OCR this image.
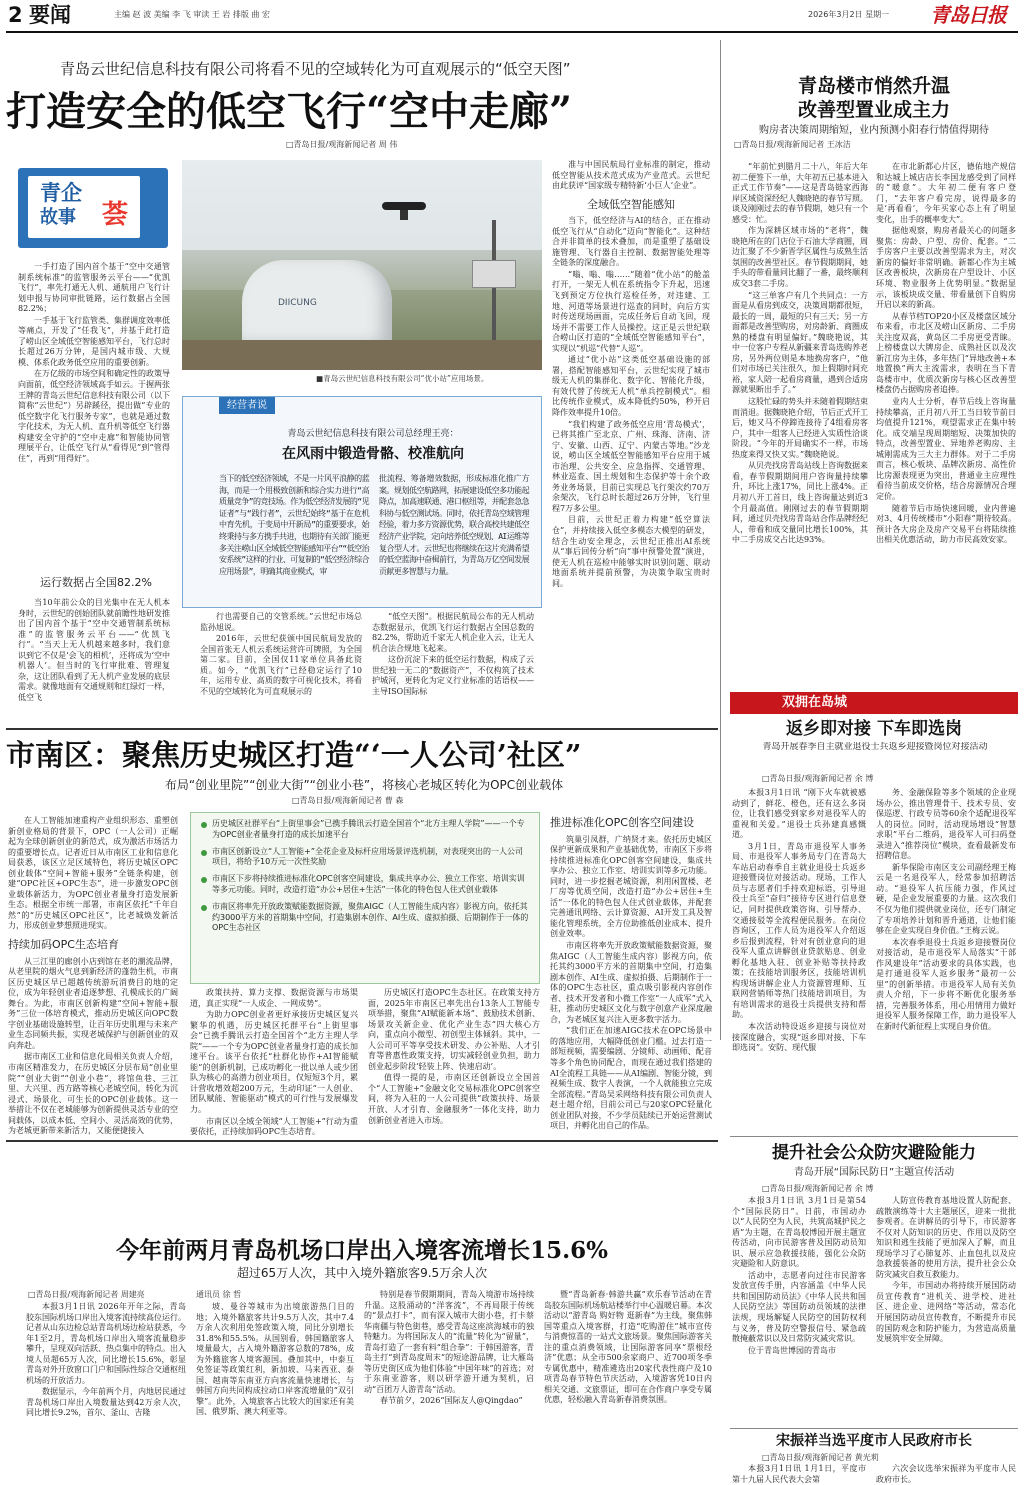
2 要闻	主编 赵 波 美编 李 飞 审读 王 岩 排版 曲 宏	2026年3月2日 星期一 青岛日报
青岛云世纪信息科技有限公司将看不见的空域转化为可直观展示的“低空天图”
打造安全的低空飞行“空中走廊”
□青岛日报/观海新闻记者 周 伟
青企
故事 荟
DIICUNG
■青岛云世纪信息科技有限公司“优小站”应用场景。

一手打造了国内首个基于“空中交通管制系统标准”的监管服务云平台——“优凯飞行”，率先打通无人机、通航用户飞行计划申报与协同审批链路，运行数据占全国82.2%；

一手基于飞行监管类、集群调度效率低等痛点，开发了“任我飞”，并基于此打造了崂山区全域低空智能感知平台，飞行总时长超过26万分钟，是国内城市级、大规模、体系化政务低空应用的重要创新。

在万亿级的市场空间和确定性的政策导向面前，低空经济领域高手如云。于握两张王牌的青岛云世纪信息科技有限公司（以下简称“云世纪”）另辟蹊径，提出做“专业的低空数字化飞行服务专家”，也就是通过数字化技术，为无人机、直升机等低空飞行器构建安全守护的“空中走廊”和智能协同管理展平台，让低空飞行从“看得见”到“管得住”，再到“用得好”。

运行数据占全国82.2%

当10年前公众的目光集中在无人机本身时，云世纪的创始团队就前瞻性地研发推出了国内首个基于“空中交通管制系统标准”的监管服务云平台——“优凯飞行”。“当天上无人机越来越多时，我们意识到它不仅是‘会飞的相机’，还将成为‘空中机器人’。但当时的飞行审批难、管理复杂，这让团队看到了无人机产业发展的底层需求。就像地面有交通规则和红绿灯一样，低空飞

经营者说
青岛云世纪信息科技有限公司总经理王亮：
在风雨中锻造骨骼、校准航向
当下的低空经济领域，不是一片风平浪静的蓝海，而是一个用极致创新和综合实力进行“高质量竞争”的竞技场。作为低空经济发展的“见证者”与“践行者”，云世纪始终“基于在危机中育先机，于变局中开新局”的重要要求，始终秉持与多方携手共进，也期待有关部门能更多关注崂山区全域低空智能感知平台”“低空治安系统”这样的行业、可复制的“低空经济综合应用场景”，明确其商业模式，审
批流程、筹备增效数据，形成标准化推广方案。规划低空航路网，拓展建设低空多功能起降点，加高速联通、港口枢纽等，并配套急急科协与低空测试场。同时，依托青岛空域管理经验，着力多方资源优势，联合高校共建低空经济产业学院，定向培养低空规划、AI运维等复合型人才。云世纪也将继续在这片充满希望的低空蓝海中奋楫前行，为青岛万亿空间发展贡献更多智慧与力量。

行也需要自己的交管系统。”云世纪市场总监孙旭说。

2016年，云世纪获颁中国民航局发放的全国首张无人机云系统运营许可牌照，为全国第二家。目前，全国仅11家单位具备此资质。如今，“优凯飞行”已经稳定运行了10年，运用专业、高质的数字可视化技术，将看不见的空域转化为可直观展示的

“低空天图”。根据民航局公布的无人机动态数据显示，优凯飞行运行数据占全国总数的82.2%，帮助近千家无人机企业入云，让无人机合法合规地飞起来。

这份沉淀下来的低空运行数据，构成了云世纪独一无二的“数据资产”，不仅构筑了技术护城河，更转化为定义行业标准的话语权——主导ISO国际标

准与中国民航局行业标准的制定，推动低空智能从技术范式成为产业范式。云世纪由此获评“国家级专精特新‘小巨人’企业”。

全域低空智能感知

当下，低空经济与AI的结合，正在推动低空飞行从“自动化”迈向“智能化”。这种结合并非简单的技术叠加，而是重塑了基础设施管理、飞行器自主控制、数据智能处理等全链条的深度融合。

“嗡、嗡、嗡……”随着“优小站”的舱盖打开，一架无人机在系统指令下升起，迅速飞到预定方位执行巡检任务，对违建、工地、河道等场景进行巡查的同时，向后方实时传送现场画面，完成任务后自动飞回，现场并不需要工作人员操控。这正是云世纪联合崂山区打造的“全域低空智能感知平台”，实现以“机巡”代替“人巡”。

通过“优小站”这类低空基础设施的部署，搭配智能感知平台，云世纪实现了城市级无人机的集群化、数字化、智能化升级，有效代替了传统无人机“单兵控制模式”。相比传统作业模式，成本降低约50%，秒开启降作效率提升10倍。

“我们构建了政务低空应用‘青岛模式’，已将其推广至北京、广州、珠海、济南、济宁、安徽、山西、辽宁、内蒙古等地。”沙龙说，崂山区全域低空智能感知平台应用于城市治理、公共安全、应急指挥、交通管理、林业巡查、国土规划和生态保护等十余个政务业务场景，目前已实现总飞行架次约70万余架次，飞行总时长超过26万分钟，飞行里程7万多公里。

目前，云世纪正着力构建“低空算法仓”，并持续接入低空多模态大模型的研发，结合生动安全理念，云世纪正推出AI系统从“事后回传分析”向“事中预警处置”演进，使无人机在巡检中能够实时识别问题、联动地面系统并提前预警，为决策争取宝贵时间。

青岛楼市悄然升温
改善型置业成主力
购房者决策周期缩短，业内预测小阳春行情值得期待
□青岛日报/观海新闻记者 王冰洁

“年前忙到腊月二十八，年后大年初二便签下一单，大年初五已基本进入正式工作节奏”——这是青岛链家西海岸区域资深经纪人魏晓艳的春节写照。谈及刚刚过去的春节假期，她只有一个感受：忙。

作为深耕区域市场的“老将”，魏晓艳所在的门店位于石油大学商圈，周边汇聚了不少新晋学区属性与成熟生活氛围的改善型社区。春节假期期间，她手头的带看量同比翻了一番，最终顺利成交3套二手房。

“这三单客户有几个共同点：一方面是从看房到成交，决策周期都很短，最长的一周，最短的只有三天；另一方面都是改善型购房，对房龄新、商圈成熟的楼盘有明显偏好。”魏晓艳说，其中一位客户专程从新疆来青岛选购养老房，另外两位则是本地换房客户，“他们对市场已关注很久，加上假期时间充裕，家人陪一起看房商量，遇到合适房源就果断出手了。”

这股忙碌的势头并未随着假期结束而消退。据魏晓艳介绍，节后正式开工后，她又马不停蹄连接待了4组看房客户，其中一组客人已经进入实质性洽谈阶段。“今年的开局确实不一样，市场热度来得又快又实。”魏晓艳说。

从贝壳找房青岛站线上咨询数据来看，春节假期期间用户咨询量持续攀升，环比上涨17%，同比上涨4%。正月初八开工首日，线上咨询量达到近3个月最高值。刚刚过去的春节假期期间，通过贝壳找房青岛站合作品牌经纪人，带看和成交量同比增长100%，其中二手房成交占比达93%。

在市北新都心片区，德佑地产规信和达城上城店店长李国龙感受到了同样的“暖意”。大年初二便有客户登门，“去年客户看完房，说得最多的是‘再看看’，今年买家心态上有了明显变化，出手的概率变大”。

据他观察，购房者最关心的问题多聚焦：房龄、户型、房价、配套。“二手房客户主要以改善型需求为主，对次新房的偏好非常明确。新都心作为主城区改善板块，次新房在户型设计、小区环境、物业服务上优势明显。”数据显示，该板块成交量、带看量创下自购房开启以来的新高。

从春节档TOP20小区及楼盘区域分布来看，市北区及崂山区新房、二手房关注度双高，黄岛区二手房更受青睐。上榜楼盘以大牌房企、成熟社区以及次新江房为主体，多年热门“异地改善+本地置换”两大主流需求，表明在当下青岛楼市中，优质次新房与核心区改善型楼盘仍占据购房者追捧。

业内人士分析，春节后线上咨询量持续攀高，正月初八开工当日较节前日均值提升121%，观望需求正在集中转化。成交端呈现周期缩短、决策加快的特点，改善型置业、异地养老购房、主城刚需成为三大主力群体。对于二手房而言，核心板块、品牌次新房、高性价比房源表现更为突出，普通业主应理性看待当前成交价格，结合房源情况合理定价。

随着节后市场快速回暖，业内普遍对3、4月传统楼市“小阳春”期待较高。预计各大房企及房产交易平台将陆续推出相关优惠活动，助力市民高效安家。

双拥在岛城
返乡即对接 下车即选岗
青岛开展春季自主就业退役士兵返乡迎接暨岗位对接活动
□青岛日报/观海新闻记者 余 博

本报3月1日讯 “刚下火车就被感动到了，鲜花、橙色，还有这么多岗位，让我们感受到家乡对退役军人的重视和关爱。”退役士兵孙建真感慨道。

3月1日，青岛市退役军人事务局、市退役军人事务局专门在青岛大车站启动春季自主就业退役士兵返乡迎接暨岗位对接活动。现场，工作人员与志愿者们手持欢迎标语，引导退役士兵至“奋归”接待专区进行信息登记，同时提供政策咨询、引导帮办、交通接驳等全流程便民服务。在岗位咨询区，工作人员为退役军人介绍返乡后报到流程，针对有创业意向的退役军人重点讲解创业贷款贴息、创业孵化基地入驻、创业补贴等扶持政策；在技能培训服务区，技能培训机构现场讲解企业人力资源管理师、互联网营销师等热门技能培训项目，为有培训需求的退役士兵提供支持和帮助。

本次活动特设返乡迎接与岗位对接深度融合，实现“返乡即对接、下车即选岗”。安防、现代服

务、金融保险等多个领域的企业现场办公，推出管理骨干、技术专员、安保巡逻、行政专员等60余个适配退役军人的岗位。同时，活动现场增设“智慧求职”平台二维码，退役军人可扫码登录进入“推荐岗位”模块，查看最新发布招聘信息。

新华保险市南区支公司副经理王梅云是一名退役军人，经常参加招聘活动。“退役军人抗压能力强，作风过硬，是企业发展重要的力量。这次我们不仅为他们提供就业岗位，还专门制定了专项培养计划和晋升通道，让他们能够在企业实现自身价值。”王梅云说。

本次春季退役士兵返乡迎接暨岗位对接活动，是市退役军人局落实“干部作风建设年”活动要求的具体实践，也是打通退役军人返乡服务“最初一公里”的创新举措。市退役军人局有关负责人介绍，下一步将不断优化服务举措，完善服务体系，用心用情用力做好退役军人服务保障工作，助力退役军人在新时代新征程上实现自身价值。

市南区：聚焦历史城区打造“‘一人公司’社区”
布局“创业里院”“创业大街”“创业小巷”，将核心老城区转化为OPC创业载体
□青岛日报/观海新闻记者 曹 森

在人工智能加速重构产业组织形态、重塑创新创业格局的背景下，OPC（一人公司）正崛起为全球创新创业的新范式，成为激活市场活力的重要增长点。记者近日从市南区工业和信息化局获悉，该区立足区域特色，将历史城区OPC创业载体“空间+智能+服务”全链条构建，创建“OPC社区+OPC生态”，进一步激发OPC创业载体新活力，为OPC创业者量身打造发展新生态。根据全市统一部署，市南区依托“千年自然”的“历史城区OPC社区”，比老城焕发新活力，形成创业梦想照进现实。

持续加码OPC生态培育

从三江里的廊创小店到馆在老的潮流品牌，从老里院的烟火气息到新经济的蓬勃生机，市南区历史城区早已超越传统游玩消费目的地的定位，成为年轻创业者追逐梦想、孔模成长的广阔舞台。为此，市南区创新构建“空间+智能+服务”三位一体培育模式，推动历史城区向OPC数字创业基础设施转型，让百年历史肌理与未来产业生态同频共振，实现老城保护与创新创业的双向奔赴。

据市南区工业和信息化局相关负责人介绍，市南区精准发力，在历史城区分层布局“创业里院”“创业大街”“创业小巷”，将馆鱼巷、三江里、大兴里、西方路等核心老城空间，转化为沉浸式、场景化、可生长的OPC创业载体。这一举措让不仅在老城能够为创新提供灵活专业的空间载体，以成本低、空间小、灵活高效的优势，为老城更新带来新活力，又能便捷接入

历史城区社群平台“上街里事会”已携手腾讯云打造全国首个“北方主理人学院”——一个专为OPC创业者量身打造的成长加速平台
市南区创新设立“人工智能+”全花企业及标杆应用场景评选机制，对表现突出的一人公司项目，将给予10万元一次性奖励
市南区下步将持续推进标准化OPC创客空间建设，集成共享办公、独立工作室、培训实训等多元功能。同时，改造打造“办公+居住+生活”一体化的特色包人住式创业载体
市南区将率先开放政策赋能数据资源，聚焦AIGC（人工智能生成内容）影视方向，依托其约3000平方米的首期集中空间，打造集剧本创作、AI生成、虚拟拍摄、后期制作于一体的OPC生态社区

政策扶持、算力支撑、数据资源与市场渠道，真正实现“一人成企、一网成势”。

为助力OPC创业者更好承接历史城区复兴繁华的机遇，历史城区托群平台“上街里事会”已携手腾讯云打造全国首个“北方主理人学院”——一个专为OPC创业者量身打造的成长加速平台。该平台依托“杜群化协作+AI智能赋能”的创新机制，已成功孵化一批以单人或少团队为核心的高潜力创业项目，仅短短3个月，累计营收增效超200万元，生动印证“一人创业、团队赋能、智能驱动”模式的可行性与发展爆发力。

市南区以全域全领域“人工智能+”行动为重要依托，正持续加码OPC生态培育。

历史城区打造OPC生态社区。在政策支持方面，2025年市南区已率先出台13条人工智能专项举措，聚焦“AI赋能新本场”、鼓励技术创新、场景攻关新企业、优化产业生态“四大核心方向，重点向小微型、初创型主体倾斜。其中，一人公司可平等享受技术研发、办公补贴、人才引育等普惠性政策支持，切实减轻创业负担，助力创业起步阶段‘轻装上阵、快速启动’。

值得一提的是，市南区还创新设立全国首个“人工智能+”金融文化交易标准化OPC创客空间，将为入驻的一人公司提供“政策扶持、场景开放、人才引育、金融服务”一体化支持，助力创新创业者进入市场。

推进标准化OPC创客空间建设

筑巢引凤群，广纳贤才来。依托历史城区保护更新成果和产业基础优势，市南区下步将持续推进标准化OPC创客空间建设，集成共享办公、独立工作室、培训实训等多元功能。同时，进一步挖掘老城资源，利用闲置楼、老厂房等优质空间，改造打造“办公+居住+生活”一体化的特色包人住式创业载体，并配套完善通讯网络、云计算资源、AI开发工具及智能化管理系统，全方位助推低创业成本、提升创业效率。

市南区将率先开放政策赋能数据资源，聚焦AIGC（人工智能生成内容）影视方向，依托其约3000平方米的首期集中空间，打造集剧本创作、AI生成、虚拟拍摄、后期制作于一体的OPC生态社区，重点吸引影视内容创作者、技术开发者和小微工作室“一人成军”式入驻，推动历史城区文化与数字创意产业深度融合，为老城区复兴注入更多数字活力。

“我们正在加速AIGC技术在OPC场景中的落地应用，大幅降低创业门槛。过去打造一部短视频，需要编剧、分镜师、动画师、配音等多个角色协同配合，而现在通过我们搭建的AI全流程工具链——从AI编剧、智能分镜，到视频生成、数字人表演，一个人就能独立完成全部流程。”青岛吴采网络科技有限公司负责人赵士超介绍，目前公司已与20家OPC轻量化创业团队对接，不少学员陆续已开始运营测试项目，并孵化出自己的作品。

提升社会公众防灾避险能力
青岛开展“国际民防日”主题宣传活动
□青岛日报/观海新闻记者 余 博

本报3月1日讯 3月1日是第54个“国际民防日”。日前，市国动办以“人民防空为人民，共筑高城护民之盾”为主题，在青岛胶博园开展主题宣传活动，向市民游客普及国防动员知识、展示应急救援技能，强化公众防灾避险和人防意识。

活动中，志愿者向过往市民游客发放宣传手册，内容涵盖《中华人民共和国国防动员法》《中华人民共和国人民防空法》等国防动员领域的法律法规，现场解疑人民防空的国防权利与义务，普及防空警报信号、紧急疏散掩蔽常识以及日常防灾减灾常识。

位于青岛世博园的青岛市

人防宣传教育基地设置人防配套、疏散演练等十大主题展区，迎来一批批参观者。在讲解员的引导下，市民游客不仅对人防知识的历史、作用以及防空知识和逃生技能了更加深入了解，而且现场学习了心肺复苏、止血包扎以及应急救援装备的使用方法，提升社会公众防灾减灾自救互救能力。

今年，市国动办将持续开展国防动员宣传教育“进机关、进学校、进社区、进企业、进网络”等活动，常态化开展国防动员宣传教育，不断提升市民的国防观念和防护能力，为营造高质量发展筑牢安全屏障。

宋振祥当选平度市人民政府市长
□青岛日报/观海新闻记者 黄光莉

本报3月1日讯 1月1日，平度市第十九届人民代表大会第

六次会议选举宋振祥为平度市人民政府市长。

今年前两月青岛机场口岸出入境客流增长15.6%
超过65万人次，其中入境外籍旅客9.5万余人次
□青岛日报/观海新闻记者 周建亮	通讯员 徐 哲

本报3月1日讯 2026年开年之际，青岛胶东国际机场口岸出入境客流持续高位运行。记者从山东边检总站青岛机场边检站获悉，今年1至2月，青岛机场口岸出入境客流量稳步攀升，呈现双向活跃、热点集中的特点。出入境人员超65万人次，同比增长15.6%，彰显青岛对外开放窗口门户和国际性综合交通枢纽机场的开放活力。

数据显示，今年前两个月，内地居民通过青岛机场口岸出入境数量达到42万余人次，同比增长9.2%，首尔、釜山、吉隆

坡、曼谷等城市为出境旅游热门目的地；入境外籍旅客共计9.5万人次，其中7.4万余人次利用免签政策入境，同比分别增长31.8%和55.5%。从国别看，韩国籍旅客人境量最大，占入境外籍游客总数的78%，成为外籍旅客人境客源国。叠加其中，中泰互免签证等政策红利，新加坡、马来西亚、泰国、越南等东南亚方向客流量快速增长，与韩国方向共同构成拉动口岸客流增量的“双引擎”。此外，入境旅客占比较大的国家还有美国、俄罗斯、澳大利亚等。

特别是春节假期期间，青岛入境游市场持续升温。这股涌动的“洋客流”，不再局限于传统的“景点打卡”，而有深入城市大街小巷，打卡蔡华南疆与特色街巷，感受青岛这座滨海城市的独特魅力。为将国际友人的“流量”转化为“留量”，青岛打造了一套有料“组合拳”：于韩国游客，青岛主打“到青岛度周末”的短途游品牌，让大雁岛等历史街区成为他们体验“中国年味”的首选；对于东南亚游客，则以研学游开通为契机，启动“百团万人游青岛”活动。

春节前夕，2026“国际友人@Qingdao”

暨“青岛新春·韩游共赢”欢乐春节活动在青岛胶东国际机场航站楼举行中心温暖启幕。本次活动以“游青岛 购好物 逛新春”为主线，聚焦韩国等重点入境客群，打造“吃购游住”城市宣传与消费惊喜的一站式文旅场景。聚焦国际游客关注的重点消费领域，让国际游客同享“票根经济”优惠；从全市500余家商户、近700项冬季专属优惠中，精准遴选出20家代表性商户及10项青岛春节特色节庆活动，入境游客凭10日内相关交通、文旅票证，即可在合作商户享受专属优惠，轻松融入青岛新春消费氛围。
